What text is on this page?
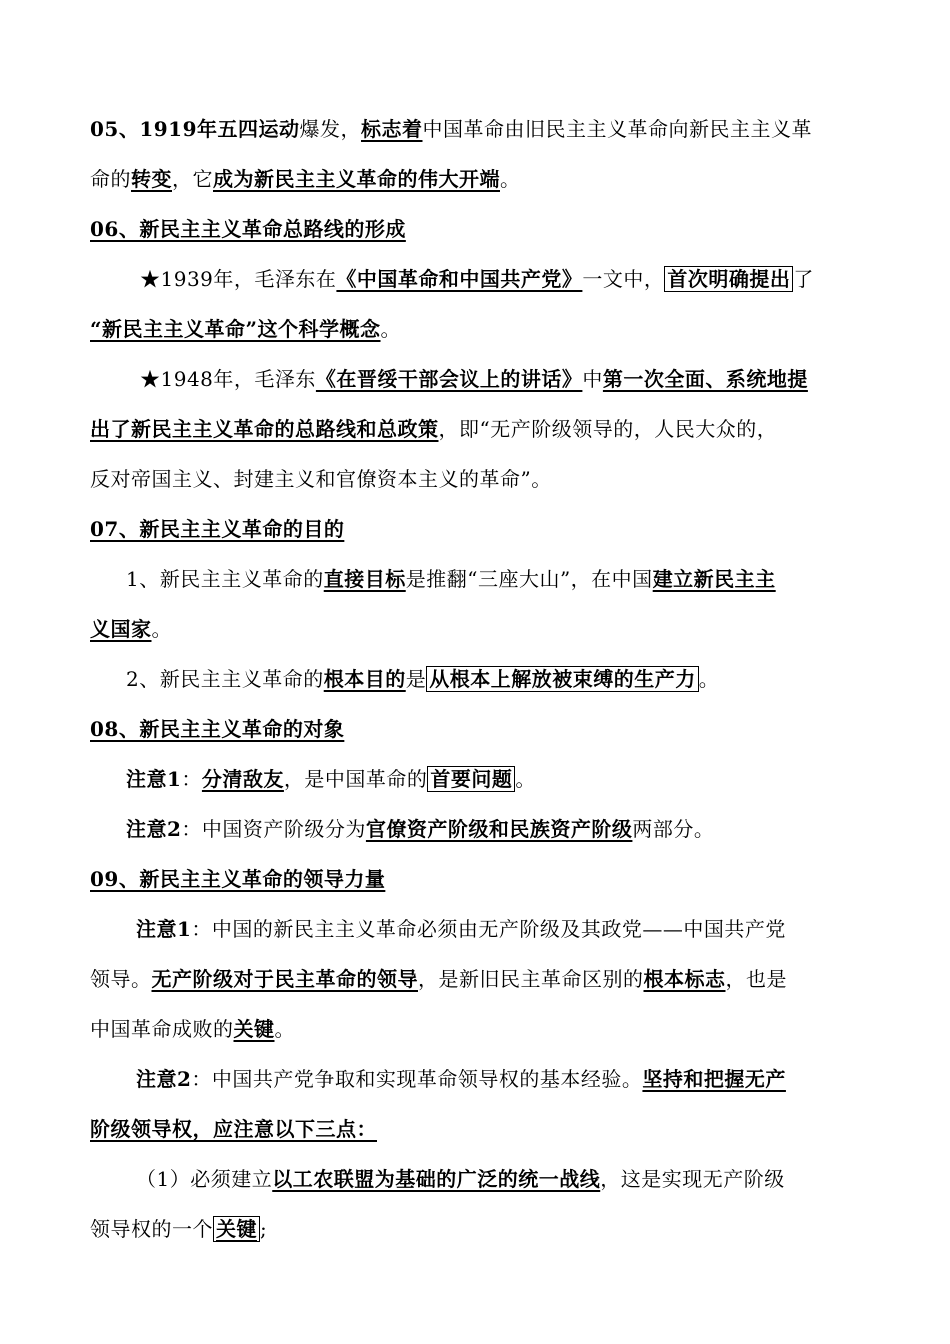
05、1919年五四运动爆发，标志着中国革命由旧民主主义革命向新民主主义革

命的转变，它成为新民主主义革命的伟大开端。

06、新民主主义革命总路线的形成

★1939年，毛泽东在《中国革命和中国共产党》一文中， 首次明确提出 了

“新民主主义革命”这个科学概念。

★1948年，毛泽东《在晋绥干部会议上的讲话》中第一次全面、系统地提

出了新民主主义革命的总路线和总政策，即“无产阶级领导的，人民大众的，

反对帝国主义、封建主义和官僚资本主义的革命”。

07、新民主主义革命的目的

1、新民主主义革命的直接目标是推翻“三座大山”，在中国建立新民主主

义国家。

2、新民主主义革命的根本目的是 从根本上解放被束缚的生产力 。

08、新民主主义革命的对象

注意1：分清敌友，是中国革命的 首要问题 。

注意2：中国资产阶级分为官僚资产阶级和民族资产阶级两部分。

09、新民主主义革命的领导力量

注意1：中国的新民主主义革命必须由无产阶级及其政党——中国共产党

领导。无产阶级对于民主革命的领导，是新旧民主革命区别的根本标志，也是

中国革命成败的关键。

注意2：中国共产党争取和实现革命领导权的基本经验。坚持和把握无产

阶级领导权，应注意以下三点：

（1）必须建立以工农联盟为基础的广泛的统一战线，这是实现无产阶级

领导权的一个 关键 ;
